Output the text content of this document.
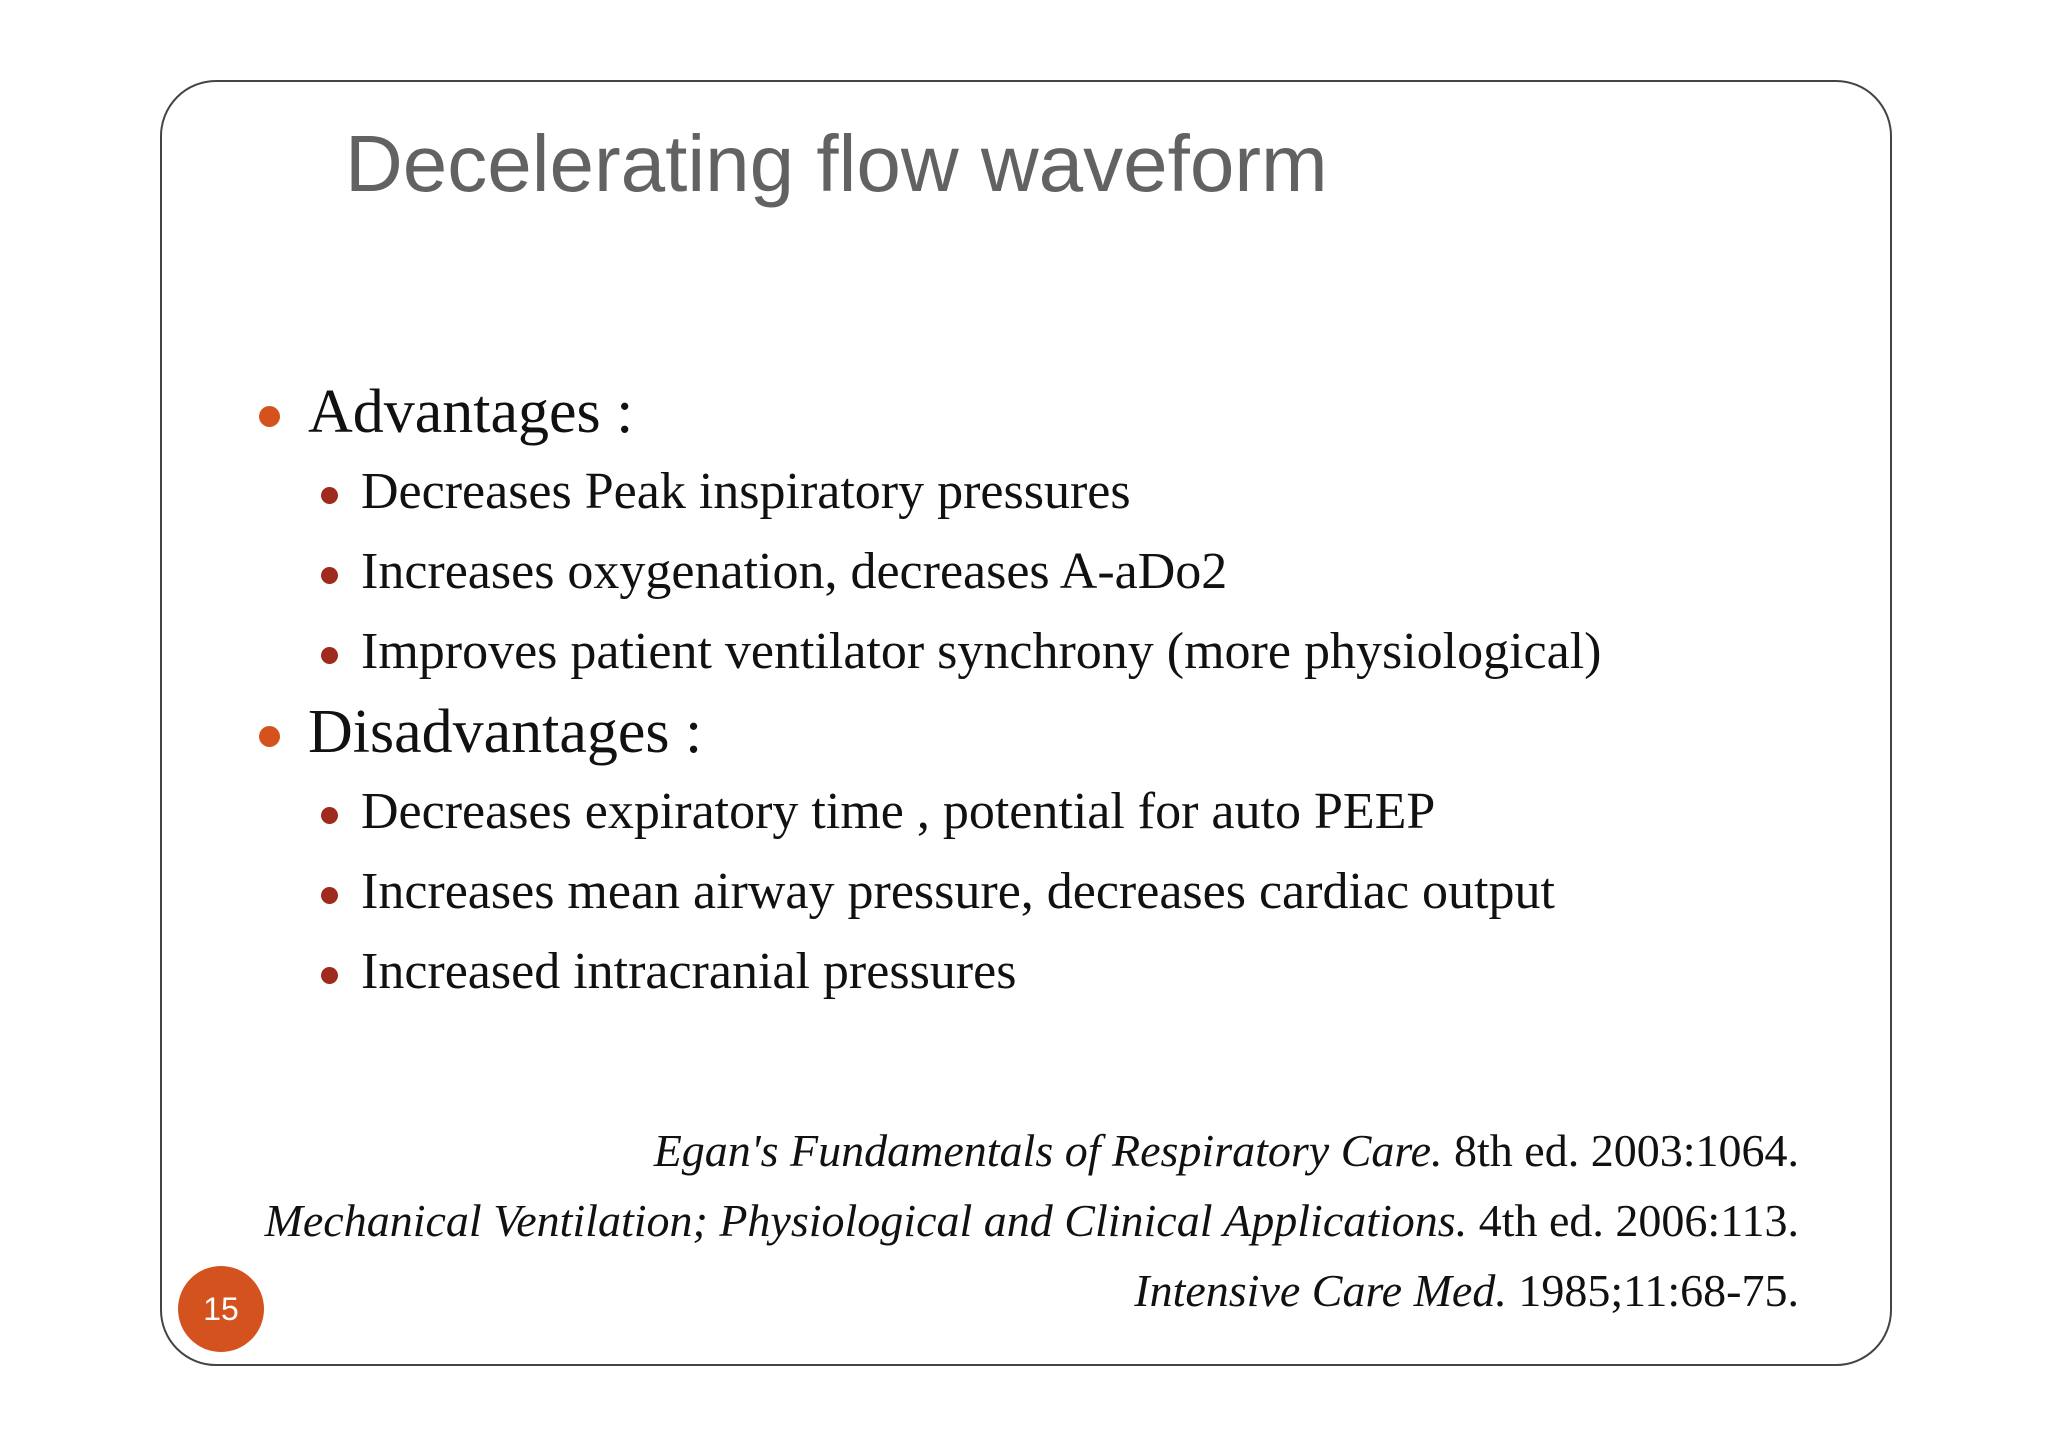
Decelerating flow waveform
Advantages :
Decreases Peak inspiratory pressures
Increases oxygenation, decreases A-aDo2
Improves patient ventilator synchrony (more physiological)
Disadvantages :
Decreases expiratory time , potential for auto PEEP
Increases mean airway pressure, decreases cardiac output
Increased intracranial pressures
Egan's Fundamentals of Respiratory Care. 8th ed. 2003:1064.
Mechanical Ventilation; Physiological and Clinical Applications. 4th ed. 2006:113.
Intensive Care Med. 1985;11:68-75.
15
